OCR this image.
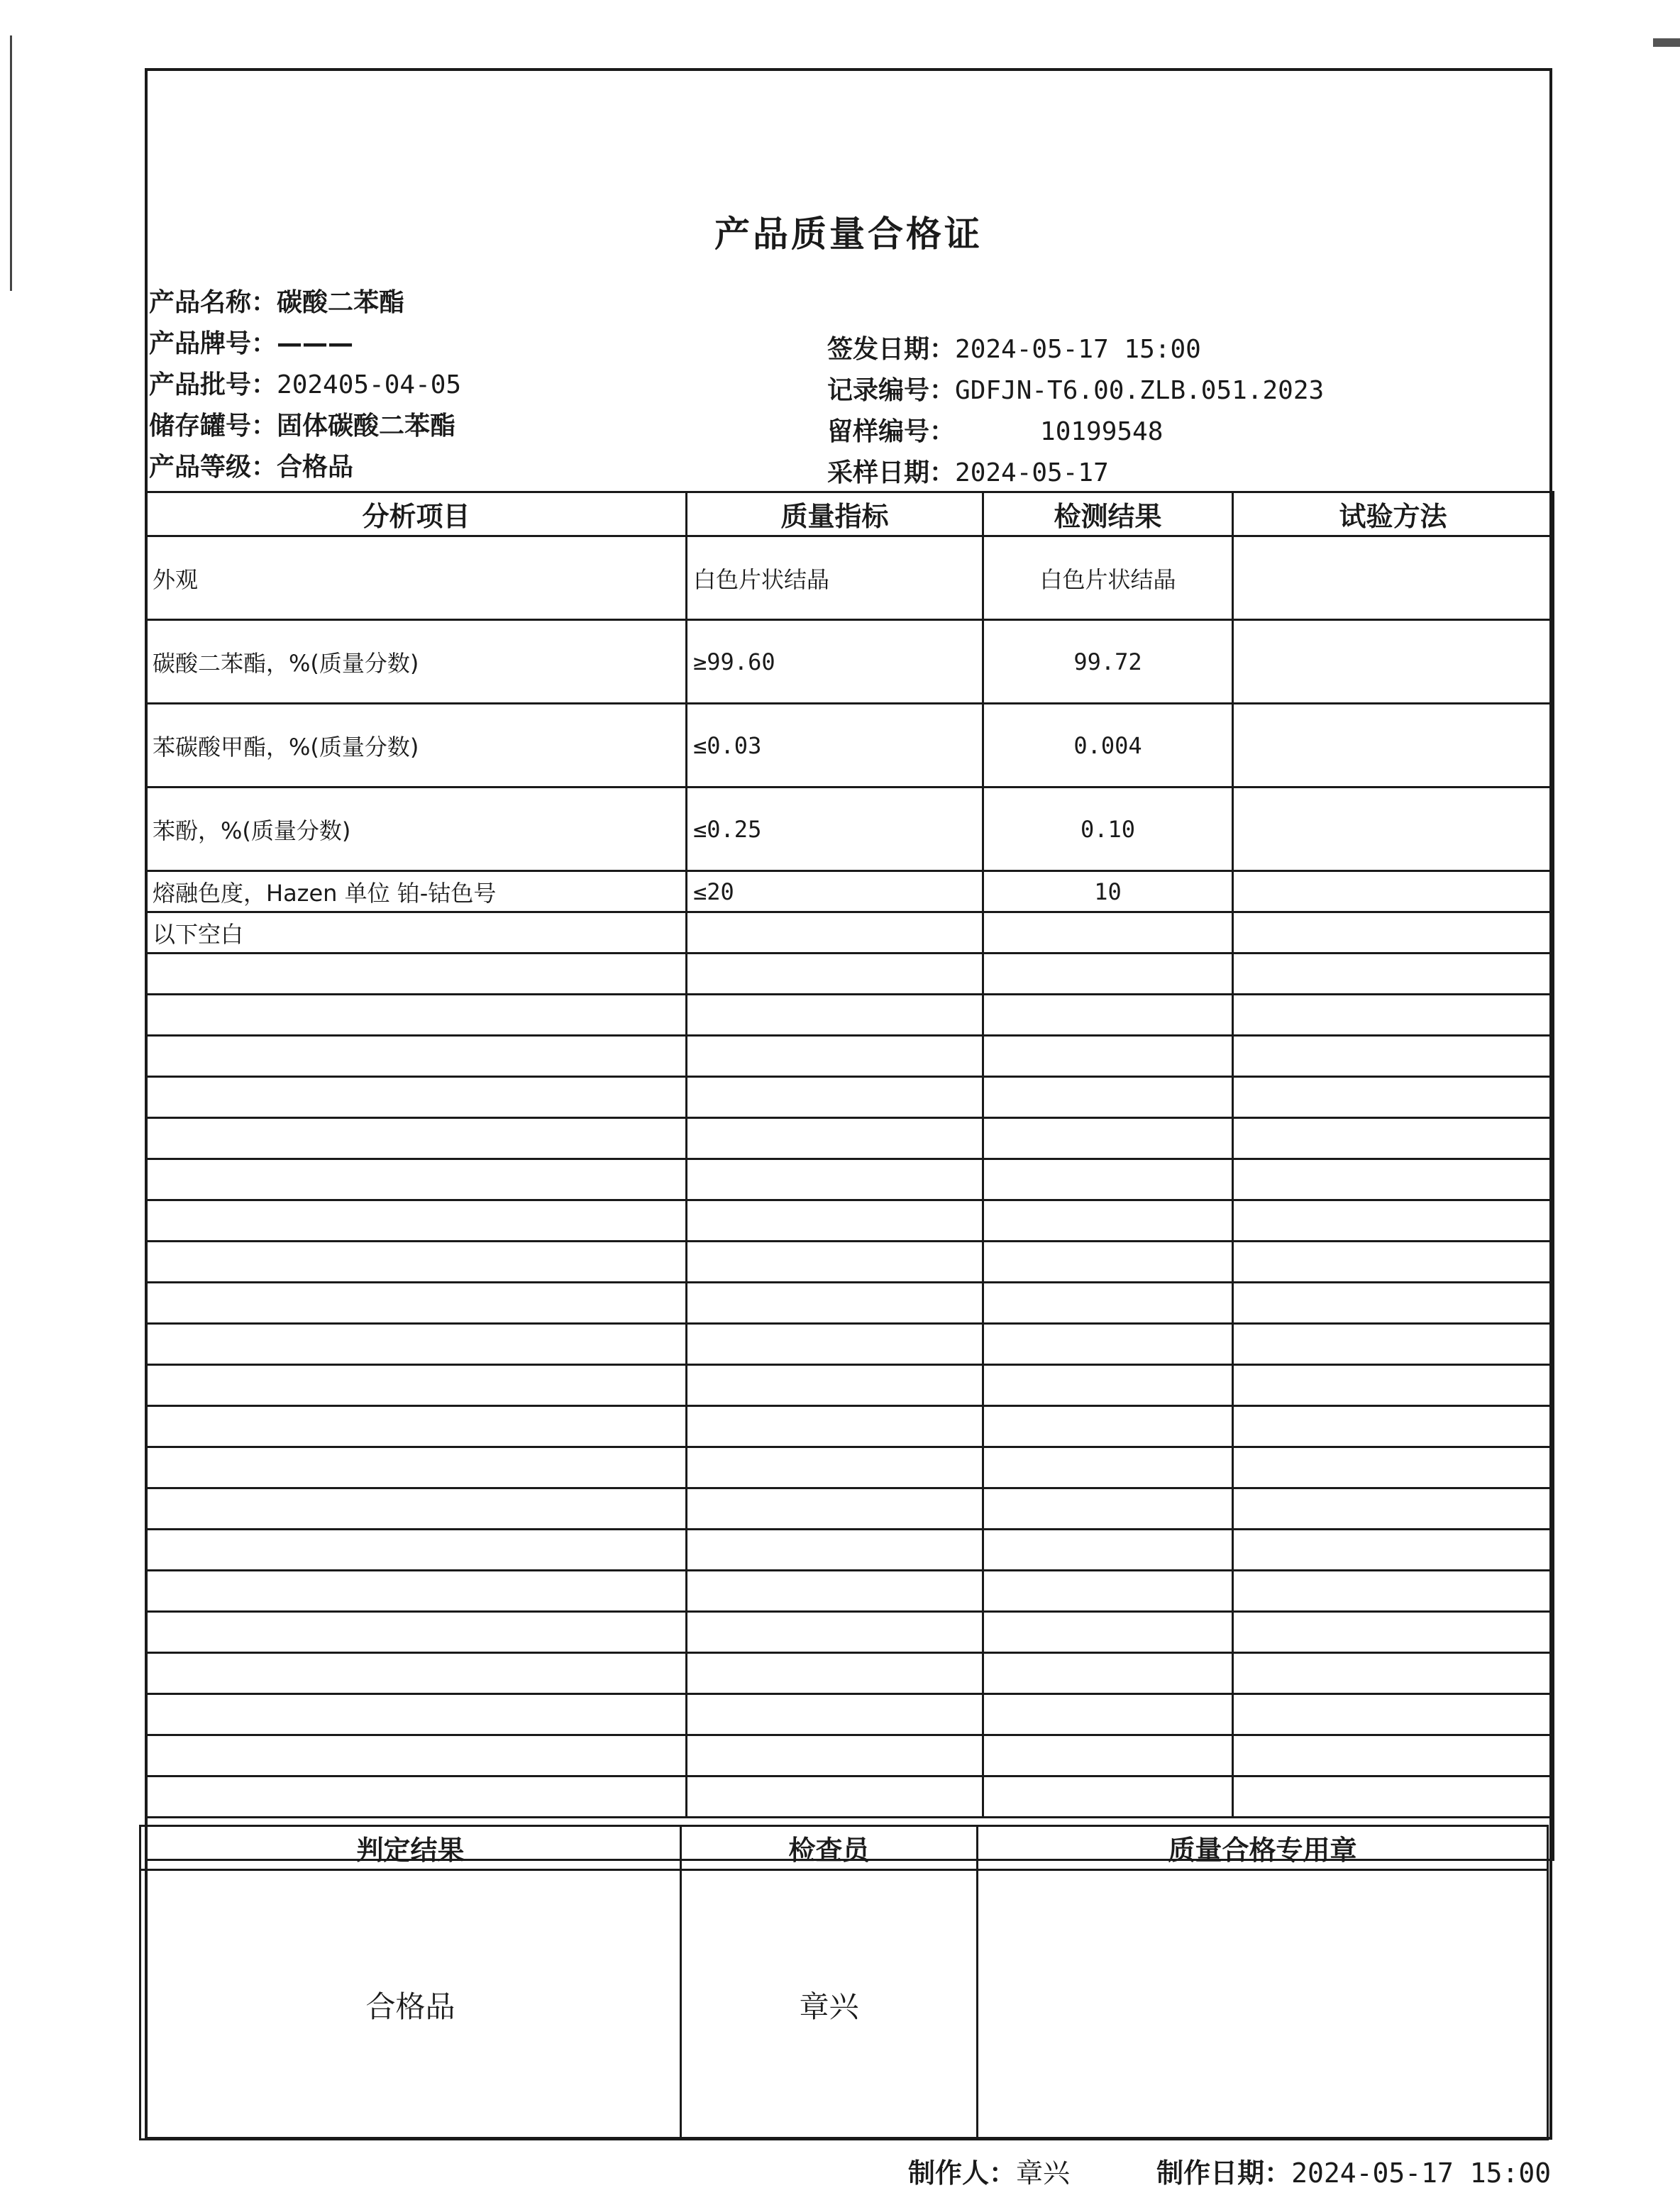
产品质量合格证
产品名称：碳酸二苯酯
产品牌号：———
产品批号：202405-04-05
储存罐号：固体碳酸二苯酯
产品等级：合格品
签发日期：2024-05-17 15:00
记录编号：GDFJN-T6.00.ZLB.051.2023
留样编号：	10199548
采样日期：2024-05-17
分析项目	质量指标	检测结果	试验方法
外观	白色片状结晶	白色片状结晶	
碳酸二苯酯，%(质量分数)	≥99.60	99.72	
苯碳酸甲酯，%(质量分数)	≤0.03	0.004	
苯酚，%(质量分数)	≤0.25	0.10	
熔融色度，Hazen 单位 铂-钴色号	≤20	10	
以下空白			

判定结果	检查员	质量合格专用章
合格品	章兴	
制作人：章兴	制作日期：2024-05-17 15:00
